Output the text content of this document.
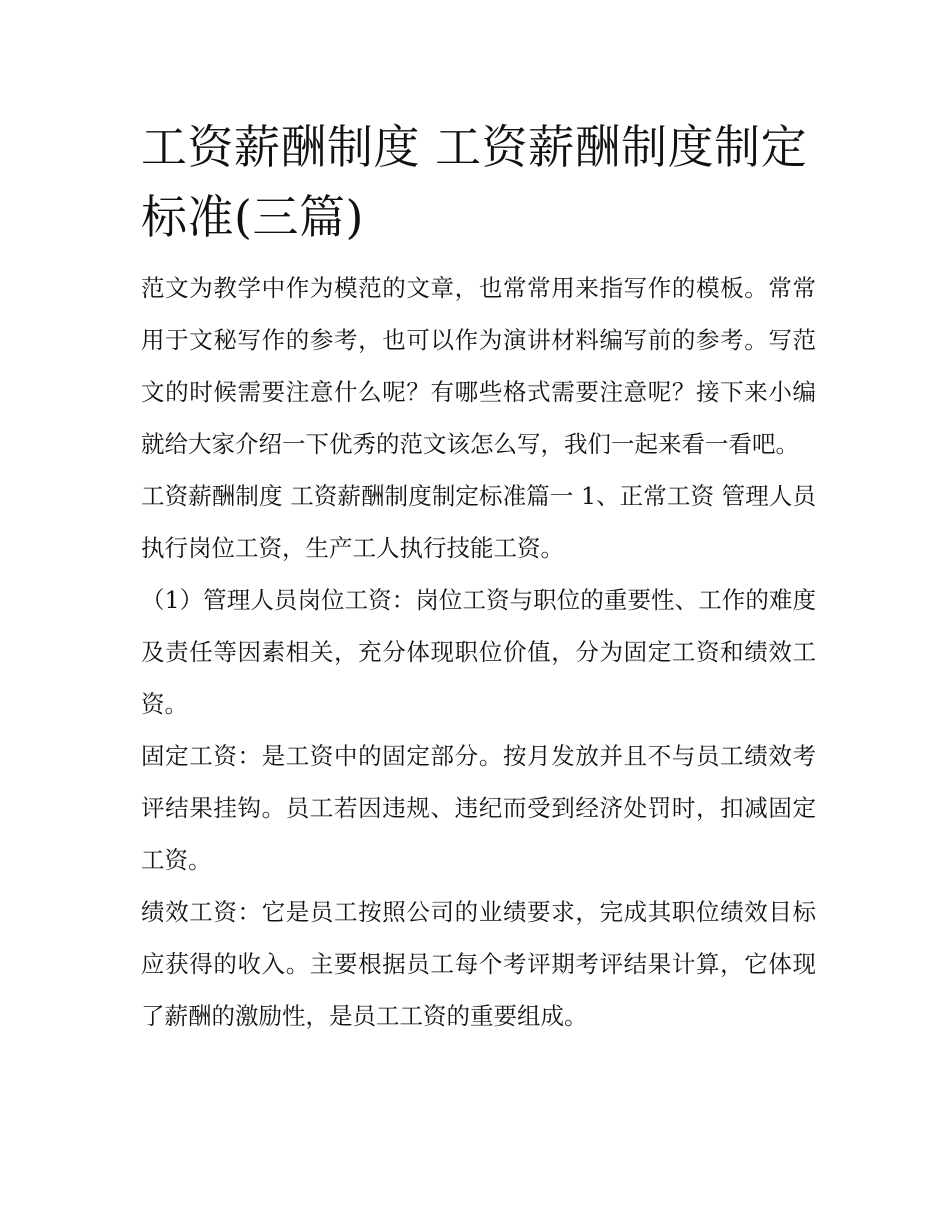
工资薪酬制度 工资薪酬制度制定标准(三篇)

范文为教学中作为模范的文章，也常常用来指写作的模板。常常用于文秘写作的参考，也可以作为演讲材料编写前的参考。写范文的时候需要注意什么呢？有哪些格式需要注意呢？接下来小编就给大家介绍一下优秀的范文该怎么写，我们一起来看一看吧。

工资薪酬制度 工资薪酬制度制定标准篇一 1、正常工资 管理人员执行岗位工资，生产工人执行技能工资。

（1）管理人员岗位工资：岗位工资与职位的重要性、工作的难度及责任等因素相关，充分体现职位价值，分为固定工资和绩效工资。

固定工资：是工资中的固定部分。按月发放并且不与员工绩效考评结果挂钩。员工若因违规、违纪而受到经济处罚时，扣减固定工资。

绩效工资：它是员工按照公司的业绩要求，完成其职位绩效目标应获得的收入。主要根据员工每个考评期考评结果计算，它体现了薪酬的激励性，是员工工资的重要组成。
